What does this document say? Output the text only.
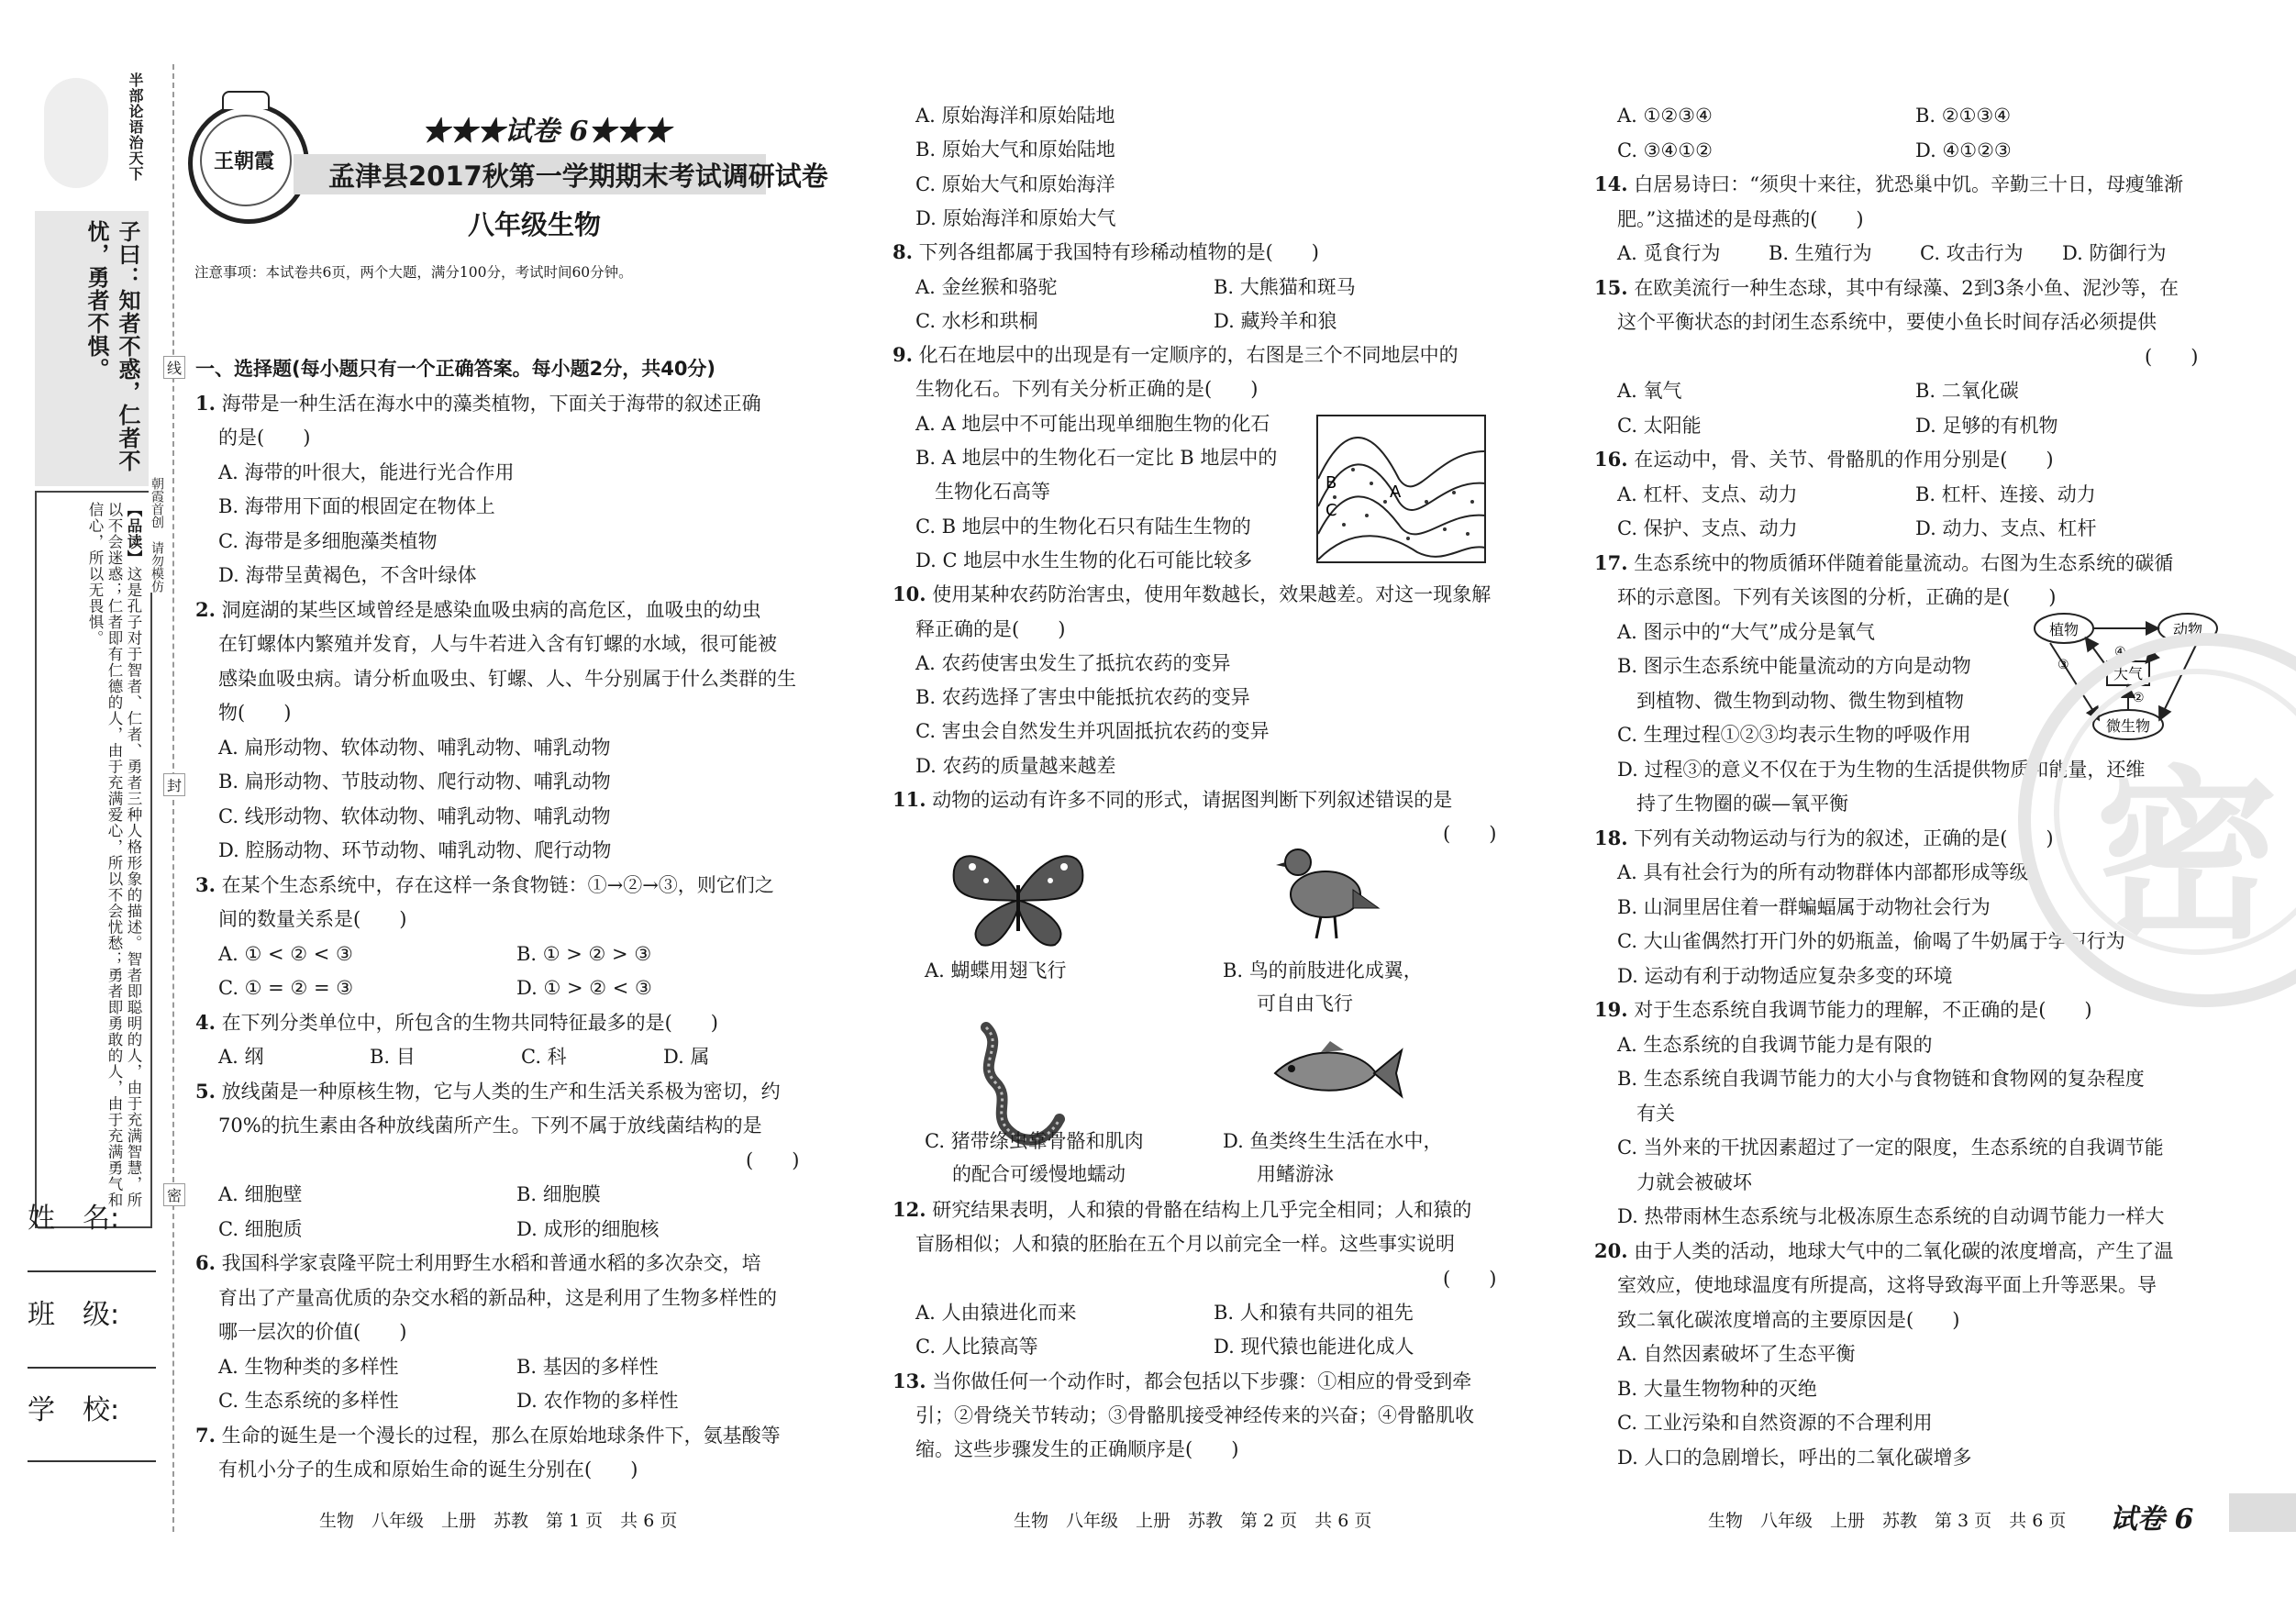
半部论语治天下
子曰：知者不惑，仁者不忧，勇者不惧。
【品读】这是孔子对于智者、仁者、勇者三种人格形象的描述。智者即聪明的人，由于充满智慧，所以不会迷惑；仁者即有仁德的人，由于充满爱心，所以不会忧愁；勇者即勇敢的人，由于充满勇气和信心，所以无畏惧。
姓　名:
班　级:
学　校:
线
封
密
朝霞首创　请勿模仿
王朝霞
★★★试卷 6★★★
孟津县2017秋第一学期期末考试调研试卷
八年级生物
注意事项：本试卷共6页，两个大题，满分100分，考试时间60分钟。
一、选择题(每小题只有一个正确答案。每小题2分，共40分)
1. 海带是一种生活在海水中的藻类植物，下面关于海带的叙述正确
的是(　　)
A. 海带的叶很大，能进行光合作用
B. 海带用下面的根固定在物体上
C. 海带是多细胞藻类植物
D. 海带呈黄褐色，不含叶绿体
2. 洞庭湖的某些区域曾经是感染血吸虫病的高危区，血吸虫的幼虫
在钉螺体内繁殖并发育，人与牛若进入含有钉螺的水域，很可能被
感染血吸虫病。请分析血吸虫、钉螺、人、牛分别属于什么类群的生
物(　　)
A. 扁形动物、软体动物、哺乳动物、哺乳动物
B. 扁形动物、节肢动物、爬行动物、哺乳动物
C. 线形动物、软体动物、哺乳动物、哺乳动物
D. 腔肠动物、环节动物、哺乳动物、爬行动物
3. 在某个生态系统中，存在这样一条食物链：①→②→③，则它们之
间的数量关系是(　　)
A. ① < ② < ③	B. ① > ② > ③
C. ① = ② = ③	D. ① > ② < ③
4. 在下列分类单位中，所包含的生物共同特征最多的是(　　)
A. 纲	B. 目	C. 科	D. 属
5. 放线菌是一种原核生物，它与人类的生产和生活关系极为密切，约
70%的抗生素由各种放线菌所产生。下列不属于放线菌结构的是
(　　)
A. 细胞壁	B. 细胞膜
C. 细胞质	D. 成形的细胞核
6. 我国科学家袁隆平院士利用野生水稻和普通水稻的多次杂交，培
育出了产量高优质的杂交水稻的新品种，这是利用了生物多样性的
哪一层次的价值(　　)
A. 生物种类的多样性	B. 基因的多样性
C. 生态系统的多样性	D. 农作物的多样性
7. 生命的诞生是一个漫长的过程，那么在原始地球条件下，氨基酸等
有机小分子的生成和原始生命的诞生分别在(　　)
A. 原始海洋和原始陆地
B. 原始大气和原始陆地
C. 原始大气和原始海洋
D. 原始海洋和原始大气
8. 下列各组都属于我国特有珍稀动植物的是(　　)
A. 金丝猴和骆驼	B. 大熊猫和斑马
C. 水杉和珙桐	D. 藏羚羊和狼
9. 化石在地层中的出现是有一定顺序的，右图是三个不同地层中的
生物化石。下列有关分析正确的是(　　)
A. A 地层中不可能出现单细胞生物的化石
B. A 地层中的生物化石一定比 B 地层中的
　生物化石高等
C. B 地层中的生物化石只有陆生生物的
D. C 地层中水生生物的化石可能比较多
10. 使用某种农药防治害虫，使用年数越长，效果越差。对这一现象解
释正确的是(　　)
A. 农药使害虫发生了抵抗农药的变异
B. 农药选择了害虫中能抵抗农药的变异
C. 害虫会自然发生并巩固抵抗农药的变异
D. 农药的质量越来越差
11. 动物的运动有许多不同的形式，请据图判断下列叙述错误的是
(　　)
12. 研究结果表明，人和猿的骨骼在结构上几乎完全相同；人和猿的
盲肠相似；人和猿的胚胎在五个月以前完全一样。这些事实说明
(　　)
A. 人由猿进化而来	B. 人和猿有共同的祖先
C. 人比猿高等	D. 现代猿也能进化成人
13. 当你做任何一个动作时，都会包括以下步骤：①相应的骨受到牵
引；②骨绕关节转动；③骨骼肌接受神经传来的兴奋；④骨骼肌收
缩。这些步骤发生的正确顺序是(　　)
A. ①②③④	B. ②①③④
C. ③④①②	D. ④①②③
14. 白居易诗曰：“须臾十来往，犹恐巢中饥。辛勤三十日，母瘦雏渐
肥。”这描述的是母燕的(　　)
A. 觅食行为 B. 生殖行为 C. 攻击行为 D. 防御行为
15. 在欧美流行一种生态球，其中有绿藻、2到3条小鱼、泥沙等，在
这个平衡状态的封闭生态系统中，要使小鱼长时间存活必须提供
(　　)
A. 氧气	B. 二氧化碳
C. 太阳能	D. 足够的有机物
16. 在运动中，骨、关节、骨骼肌的作用分别是(　　)
A. 杠杆、支点、动力	B. 杠杆、连接、动力
C. 保护、支点、动力	D. 动力、支点、杠杆
17. 生态系统中的物质循环伴随着能量流动。右图为生态系统的碳循
环的示意图。下列有关该图的分析，正确的是(　　)
A. 图示中的“大气”成分是氧气
B. 图示生态系统中能量流动的方向是动物
　到植物、微生物到动物、微生物到植物
C. 生理过程①②③均表示生物的呼吸作用
D. 过程③的意义不仅在于为生物的生活提供物质和能量，还维
　持了生物圈的碳—氧平衡
18. 下列有关动物运动与行为的叙述，正确的是(　　)
A. 具有社会行为的所有动物群体内部都形成等级
B. 山洞里居住着一群蝙蝠属于动物社会行为
C. 大山雀偶然打开门外的奶瓶盖，偷喝了牛奶属于学习行为
D. 运动有利于动物适应复杂多变的环境
19. 对于生态系统自我调节能力的理解，不正确的是(　　)
A. 生态系统的自我调节能力是有限的
B. 生态系统自我调节能力的大小与食物链和食物网的复杂程度
　有关
C. 当外来的干扰因素超过了一定的限度，生态系统的自我调节能
　力就会被破坏
D. 热带雨林生态系统与北极冻原生态系统的自动调节能力一样大
20. 由于人类的活动，地球大气中的二氧化碳的浓度增高，产生了温
室效应，使地球温度有所提高，这将导致海平面上升等恶果。导
致二氧化碳浓度增高的主要原因是(　　)
A. 自然因素破坏了生态平衡
B. 大量生物物种的灭绝
C. 工业污染和自然资源的不合理利用
D. 人口的急剧增长，呼出的二氧化碳增多
A
B
C
植物	动物
大气
微生物
④ ①
③
②
A. 蝴蝶用翅飞行	B. 鸟的前肢进化成翼，
可自由飞行
C. 猪带绦虫靠骨骼和肌肉
的配合可缓慢地蠕动
D. 鱼类终生生活在水中，
用鳍游泳
密
生物　八年级　上册　苏教　第 1 页　共 6 页	生物　八年级　上册　苏教　第 2 页　共 6 页	生物　八年级　上册　苏教　第 3 页　共 6 页 试卷 6
